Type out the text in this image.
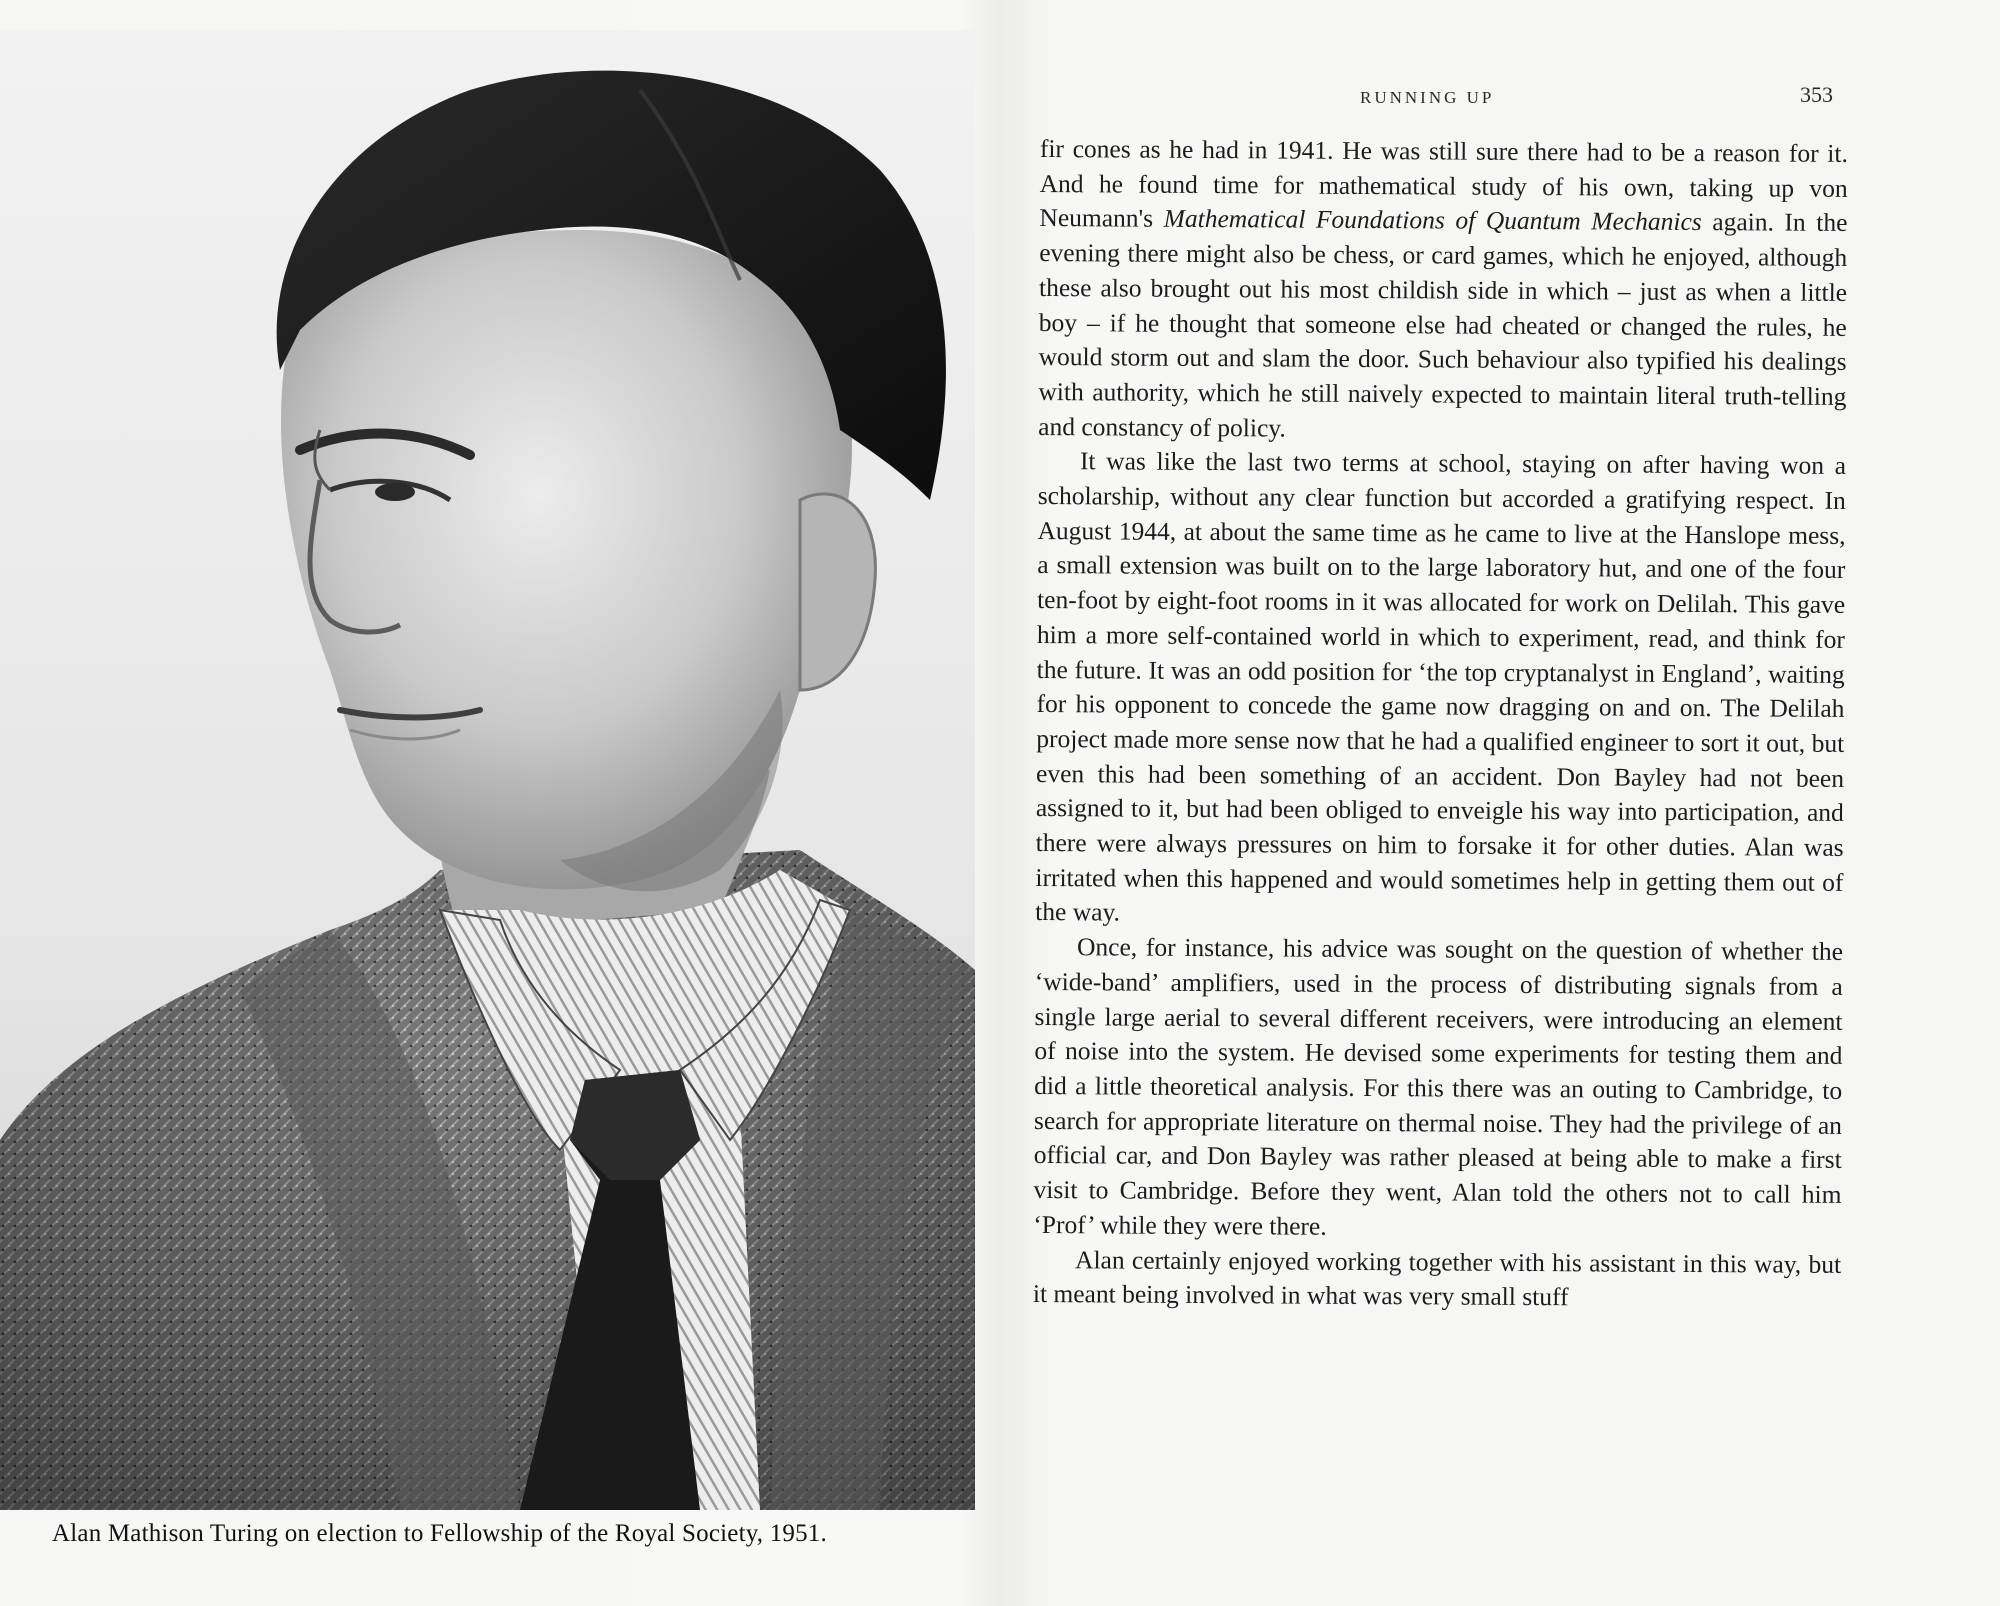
Alan Mathison Turing on election to Fellowship of the Royal Society, 1951.
RUNNING UP	353

fir cones as he had in 1941. He was still sure there had to be a reason for it. And he found time for mathematical study of his own, taking up von Neumann's Mathematical Foundations of Quantum Mechanics again. In the evening there might also be chess, or card games, which he enjoyed, although these also brought out his most childish side in which – just as when a little boy – if he thought that someone else had cheated or changed the rules, he would storm out and slam the door. Such behaviour also typified his dealings with authority, which he still naively expected to maintain literal truth-telling and constancy of policy.

It was like the last two terms at school, staying on after having won a scholarship, without any clear function but accorded a gratifying respect. In August 1944, at about the same time as he came to live at the Hanslope mess, a small extension was built on to the large laboratory hut, and one of the four ten-foot by eight-foot rooms in it was allocated for work on Delilah. This gave him a more self-contained world in which to experiment, read, and think for the future. It was an odd position for ‘the top cryptanalyst in England’, waiting for his opponent to concede the game now dragging on and on. The Delilah project made more sense now that he had a qualified engineer to sort it out, but even this had been something of an accident. Don Bayley had not been assigned to it, but had been obliged to enveigle his way into participation, and there were always pressures on him to forsake it for other duties. Alan was irritated when this happened and would sometimes help in getting them out of the way.

Once, for instance, his advice was sought on the question of whether the ‘wide-band’ amplifiers, used in the process of distributing signals from a single large aerial to several different receivers, were introducing an element of noise into the system. He devised some experiments for testing them and did a little theoretical analysis. For this there was an outing to Cambridge, to search for appropriate literature on thermal noise. They had the privilege of an official car, and Don Bayley was rather pleased at being able to make a first visit to Cambridge. Before they went, Alan told the others not to call him ‘Prof’ while they were there.

Alan certainly enjoyed working together with his assistant in this way, but it meant being involved in what was very small stuff
